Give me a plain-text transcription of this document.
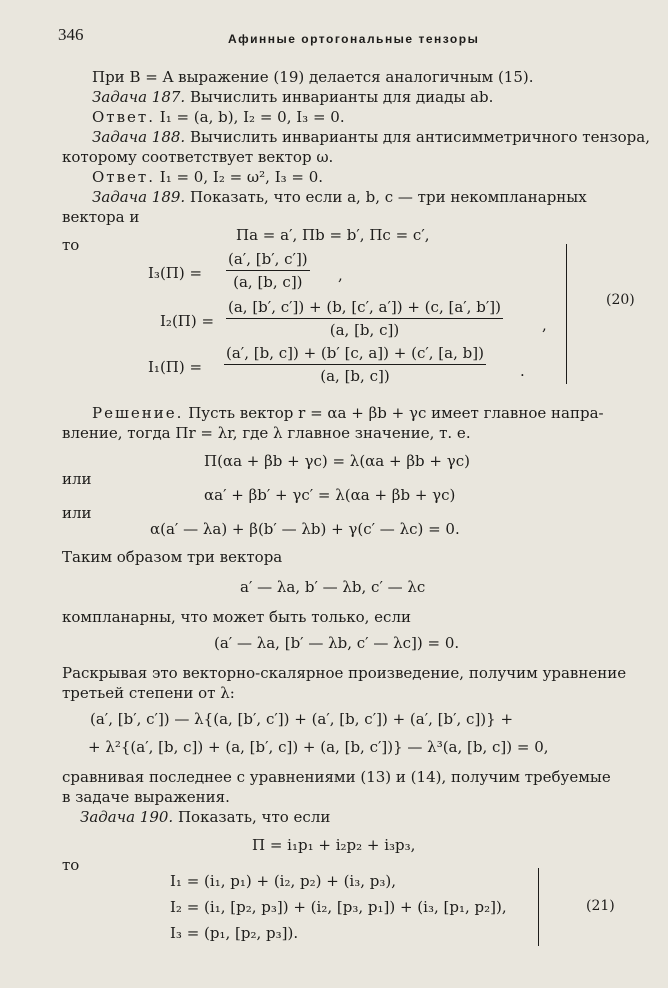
346	Афинные ортогональные тензоры
При B = A выражение (19) делается аналогичным (15).
Задача 187. Вычислить инварианты для диады ab.
Ответ. I₁ = (a, b), I₂ = 0, I₃ = 0.
Задача 188. Вычислить инварианты для антисимметричного тензора,
которому соответствует вектор ω.
Ответ. I₁ = 0, I₂ = ω², I₃ = 0.
Задача 189. Показать, что если a, b, c — три некомпланарных
вектора и
Пa = a′, Пb = b′, Пc = c′,
то
I₃(П) =
(a′, [b′, c′])
(a, [b, c])	,
I₂(П) =
(a, [b′, c′]) + (b, [c′, a′]) + (c, [a′, b′])
(a, [b, c])	,
I₁(П) =
(a′, [b, c]) + (b′ [c, a]) + (c′, [a, b])
(a, [b, c])	.
(20)
Решение. Пусть вектор r = αa + βb + γc имеет главное напра-
вление, тогда Пr = λr, где λ главное значение, т. е.
П(αa + βb + γc) = λ(αa + βb + γc)
или
αa′ + βb′ + γc′ = λ(αa + βb + γc)
или
α(a′ — λa) + β(b′ — λb) + γ(c′ — λc) = 0.
Таким образом три вектора
a′ — λa, b′ — λb, c′ — λc
компланарны, что может быть только, если
(a′ — λa, [b′ — λb, c′ — λc]) = 0.
Раскрывая это векторно-скалярное произведение, получим уравнение
третьей степени от λ:
(a′, [b′, c′]) — λ{(a, [b′, c′]) + (a′, [b, c′]) + (a′, [b′, c])} +
+ λ²{(a′, [b, c]) + (a, [b′, c]) + (a, [b, c′])} — λ³(a, [b, c]) = 0,
сравнивая последнее с уравнениями (13) и (14), получим требуемые
в задаче выражения.
Задача 190. Показать, что если
П = i₁p₁ + i₂p₂ + i₃p₃,
то
I₁ = (i₁, p₁) + (i₂, p₂) + (i₃, p₃),
I₂ = (i₁, [p₂, p₃]) + (i₂, [p₃, p₁]) + (i₃, [p₁, p₂]),
I₃ = (p₁, [p₂, p₃]).
(21)
